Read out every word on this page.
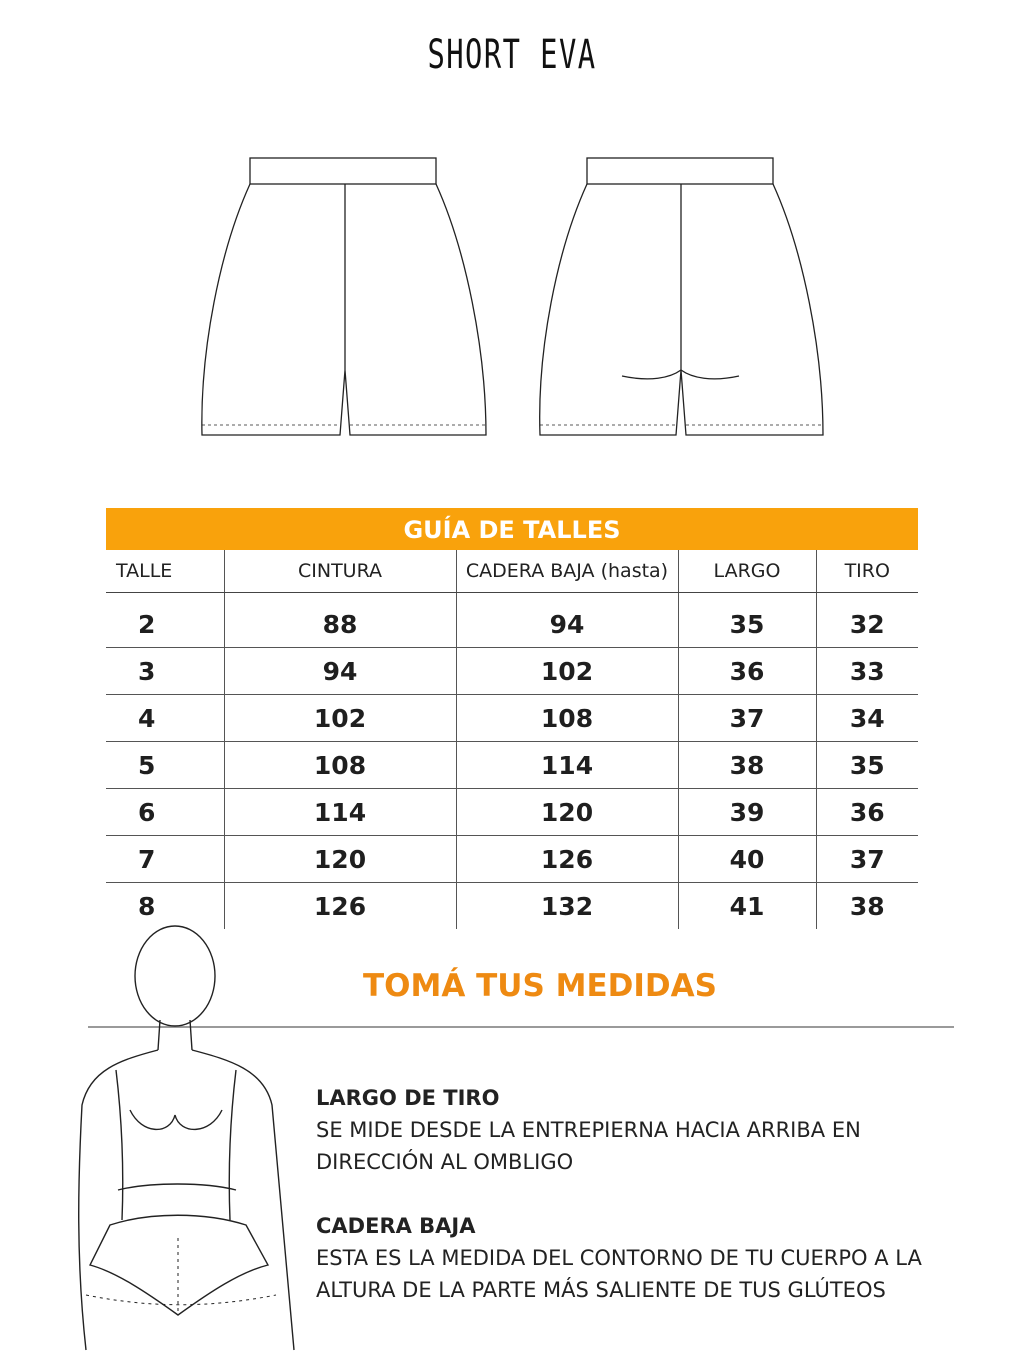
SHORT EVA
GUÍA DE TALLES
TALLE	CINTURA	CADERA BAJA (hasta)	LARGO	TIRO

2	88	94	35	32
3	94	102	36	33
4	102	108	37	34
5	108	114	38	35
6	114	120	39	36
7	120	126	40	37
8	126	132	41	38
TOMÁ TUS MEDIDAS
LARGO DE TIRO
SE MIDE DESDE LA ENTREPIERNA HACIA ARRIBA EN DIRECCIÓN AL OMBLIGO
CADERA BAJA
ESTA ES LA MEDIDA DEL CONTORNO DE TU CUERPO A LA ALTURA DE LA PARTE MÁS SALIENTE DE TUS GLÚTEOS
